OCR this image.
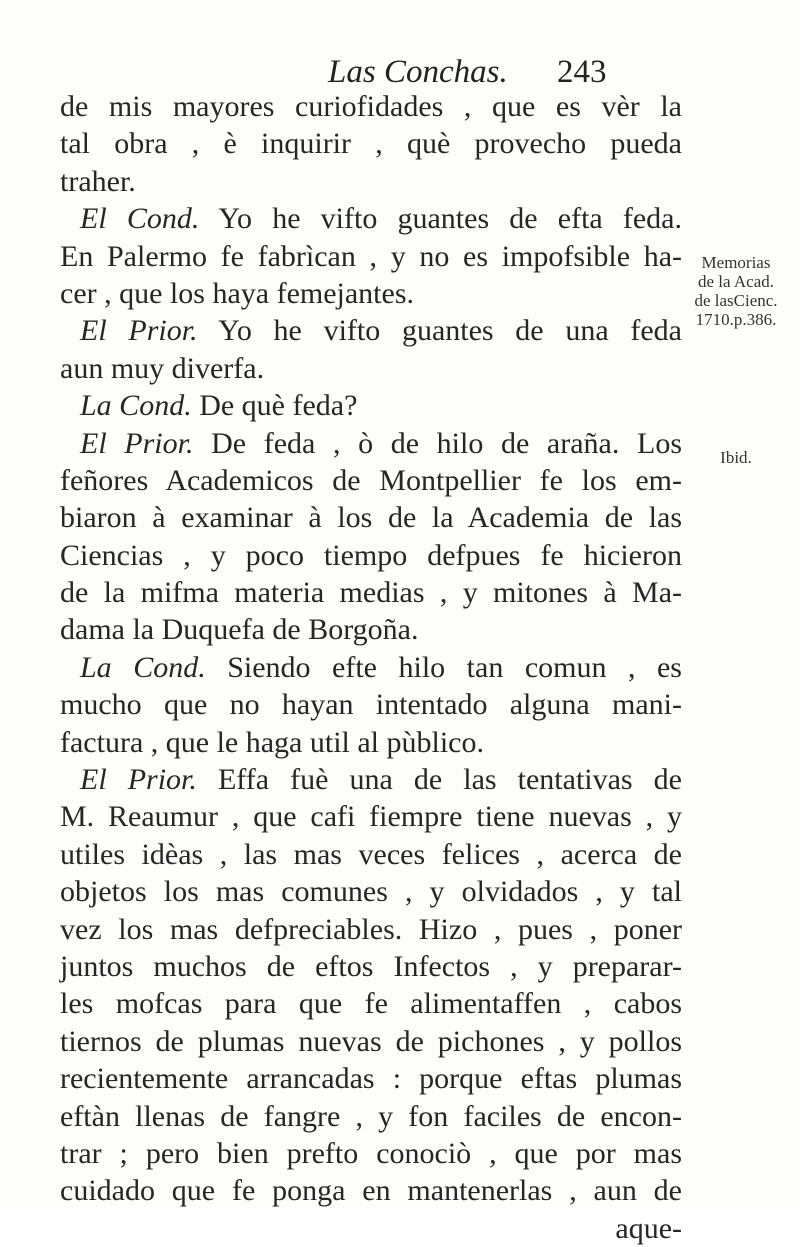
Las Conchas. 243
de mis mayores curiofidades , que es vèr la
tal obra , è inquirir , què provecho pueda
traher.
El Cond. Yo he vifto guantes de efta feda.
En Palermo fe fabrìcan , y no es impofsible ha-
cer , que los haya femejantes.
El Prior. Yo he vifto guantes de una feda
aun muy diverfa.
La Cond. De què feda?
El Prior. De feda , ò de hilo de araña. Los
feñores Academicos de Montpellier fe los em-
biaron à examinar à los de la Academia de las
Ciencias , y poco tiempo defpues fe hicieron
de la mifma materia medias , y mitones à Ma-
dama la Duquefa de Borgoña.
La Cond. Siendo efte hilo tan comun , es
mucho que no hayan intentado alguna mani-
factura , que le haga util al pùblico.
El Prior. Effa fuè una de las tentativas de
M. Reaumur , que cafi fiempre tiene nuevas , y
utiles idèas , las mas veces felices , acerca de
objetos los mas comunes , y olvidados , y tal
vez los mas defpreciables. Hizo , pues , poner
juntos muchos de eftos Infectos , y preparar-
les mofcas para que fe alimentaffen , cabos
tiernos de plumas nuevas de pichones , y pollos
recientemente arrancadas : porque eftas plumas
eftàn llenas de fangre , y fon faciles de encon-
trar ; pero bien prefto conociò , que por mas
cuidado que fe ponga en mantenerlas , aun de
aque-
Memorias
de la Acad.
de lasCienc.
1710.p.386.
Ibid.
